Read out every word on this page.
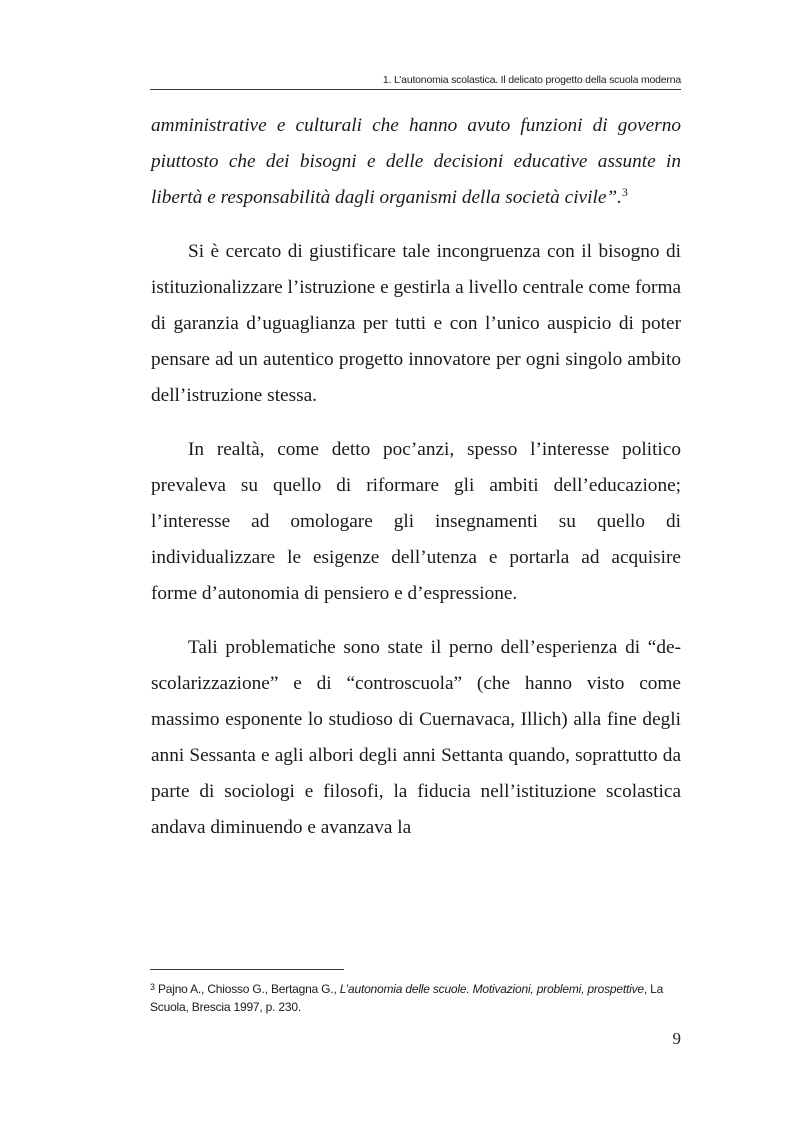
1. L’autonomia scolastica. Il delicato progetto della scuola moderna

amministrative e culturali che hanno avuto funzioni di governo piuttosto che dei bisogni e delle decisioni educative assunte in libertà e responsabilità dagli organismi della società civile”.$^3$

Si è cercato di giustificare tale incongruenza con il bisogno di istituzionalizzare l’istruzione e gestirla a livello centrale come forma di garanzia d’uguaglianza per tutti e con l’unico auspicio di poter pensare ad un autentico progetto innovatore per ogni singolo ambito dell’istruzione stessa.

In realtà, come detto poc’anzi, spesso l’interesse politico prevaleva su quello di riformare gli ambiti dell’educazione; l’interesse ad omologare gli insegnamenti su quello di individualizzare le esigenze dell’utenza e portarla ad acquisire forme d’autonomia di pensiero e d’espressione.

Tali problematiche sono state il perno dell’esperienza di “de-scolarizzazione” e di “controscuola” (che hanno visto come massimo esponente lo studioso di Cuernavaca, Illich) alla fine degli anni Sessanta e agli albori degli anni Settanta quando, soprattutto da parte di sociologi e filosofi, la fiducia nell’istituzione scolastica andava diminuendo e avanzava la

$^3$ Pajno A., Chiosso G., Bertagna G., L’autonomia delle scuole. Motivazioni, problemi, prospettive, La Scuola, Brescia 1997, p. 230.
9
